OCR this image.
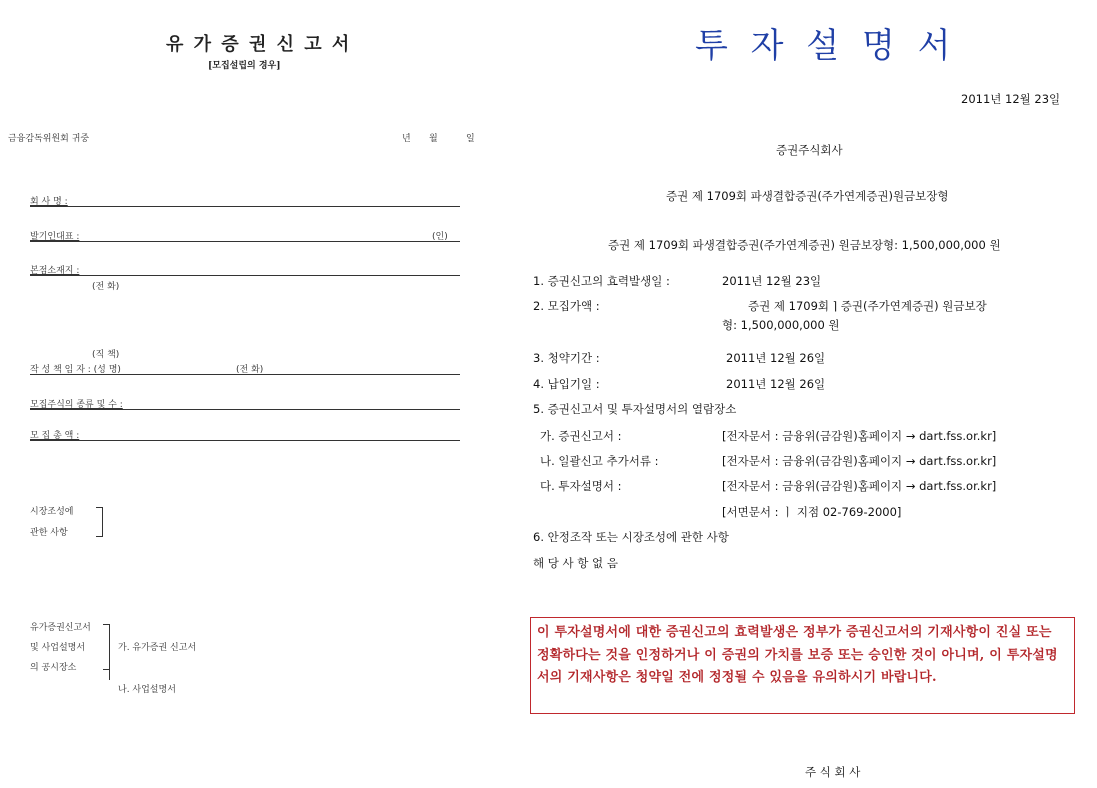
유 가 증 권 신 고 서
[모집설립의 경우]
금융감독위원회 귀중	년 월	일
회 사 명 :
발기인대표 :	(인)
본점소재지 :
(전 화)
(직 책)
작 성 책 임 자 : (성 명)	(전 화)
모집주식의 종류 및 수 :
모 집 총 액 :
시장조성에
관한 사항
유가증권신고서
및 사업설명서
의 공시장소
가. 유가증권 신고서
나. 사업설명서
투 자 설 명 서
2011년 12월 23일
증권주식회사
증권 제 1709회 파생결합증권(주가연계증권)원금보장형
증권 제 1709회 파생결합증권(주가연계증권) 원금보장형: 1,500,000,000 원
1. 증권신고의 효력발생일 :	2011년 12월 23일
2. 모집가액 :	증권 제 1709회 ⌉ 증권(주가연계증권) 원금보장
형: 1,500,000,000 원
3. 청약기간 :	2011년 12월 26일
4. 납입기일 :	2011년 12월 26일
5. 증권신고서 및 투자설명서의 열람장소
가. 증권신고서 :	[전자문서 : 금융위(금감원)홈페이지 → dart.fss.or.kr]
나. 일괄신고 추가서류 :	[전자문서 : 금융위(금감원)홈페이지 → dart.fss.or.kr]
다. 투자설명서 :	[전자문서 : 금융위(금감원)홈페이지 → dart.fss.or.kr]
[서면문서 : ㅣ 지점 02-769-2000]
6. 안정조작 또는 시장조성에 관한 사항
해 당 사 항 없 음
이 투자설명서에 대한 증권신고의 효력발생은 정부가 증권신고서의 기재사항이 진실 또는 정확하다는 것을 인정하거나 이 증권의 가치를 보증 또는 승인한 것이 아니며, 이 투자설명서의 기재사항은 청약일 전에 정정될 수 있음을 유의하시기 바랍니다.
주 식 회 사
